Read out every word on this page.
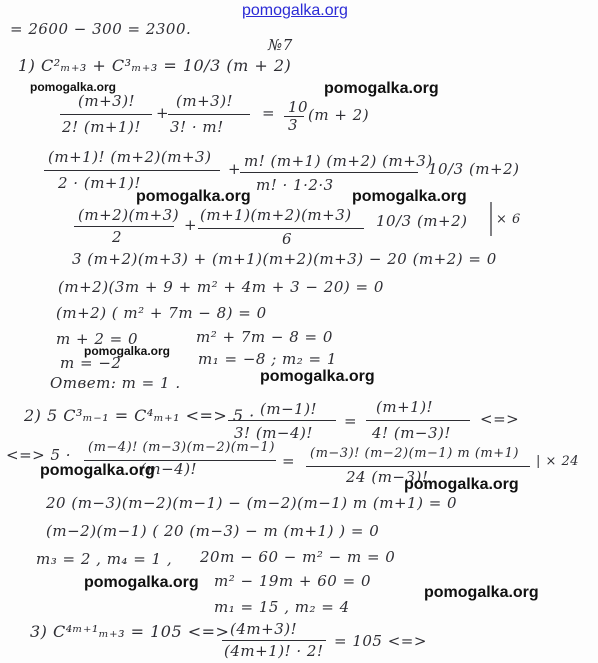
pomogalka.org
= 2600 − 300 = 2300.
№7
1) C²ₘ₊₃ + C³ₘ₊₃ = 10/3 (m + 2)
pomogalka.org	pomogalka.org
(m+3)!	(m+3)!	10
+	=
2! (m+1)! 3! · m!	3
(m + 2)
(m+1)! (m+2)(m+3) m! (m+1) (m+2) (m+3)
+	10/3 (m+2)
2 · (m+1)!	m! · 1·2·3
pomogalka.org	pomogalka.org
(m+2)(m+3) (m+1)(m+2)(m+3)
+	10/3 (m+2) × 6
2	6
3 (m+2)(m+3) + (m+1)(m+2)(m+3) − 20 (m+2) = 0
(m+2)(3m + 9 + m² + 4m + 3 − 20) = 0
(m+2) ( m² + 7m − 8) = 0
m + 2 = 0	m² + 7m − 8 = 0
pomogalka.org
m = −2	m₁ = −8 ; m₂ = 1
pomogalka.org
Ответ: m = 1 .
2) 5 C³ₘ₋₁ = C⁴ₘ₊₁ <=> 5 · (m−1)!	(m+1)!
<=>
=
3! (m−4)!	4! (m−3)!
<=> 5 · (m−4)! (m−3)(m−2)(m−1)
= (m−3)! (m−2)(m−1) m (m+1)
| × 24
(m−4)!	24 (m−3)!
pomogalka.org
pomogalka.org
20 (m−3)(m−2)(m−1) − (m−2)(m−1) m (m+1) = 0
(m−2)(m−1) ( 20 (m−3) − m (m+1) ) = 0
m₃ = 2 , m₄ = 1 , 20m − 60 − m² − m = 0
pomogalka.org m² − 19m + 60 = 0
pomogalka.org
m₁ = 15 , m₂ = 4
3) C⁴ᵐ⁺¹ₘ₊₃ = 105 <=> (4m+3)!
= 105 <=>
(4m+1)! · 2!
